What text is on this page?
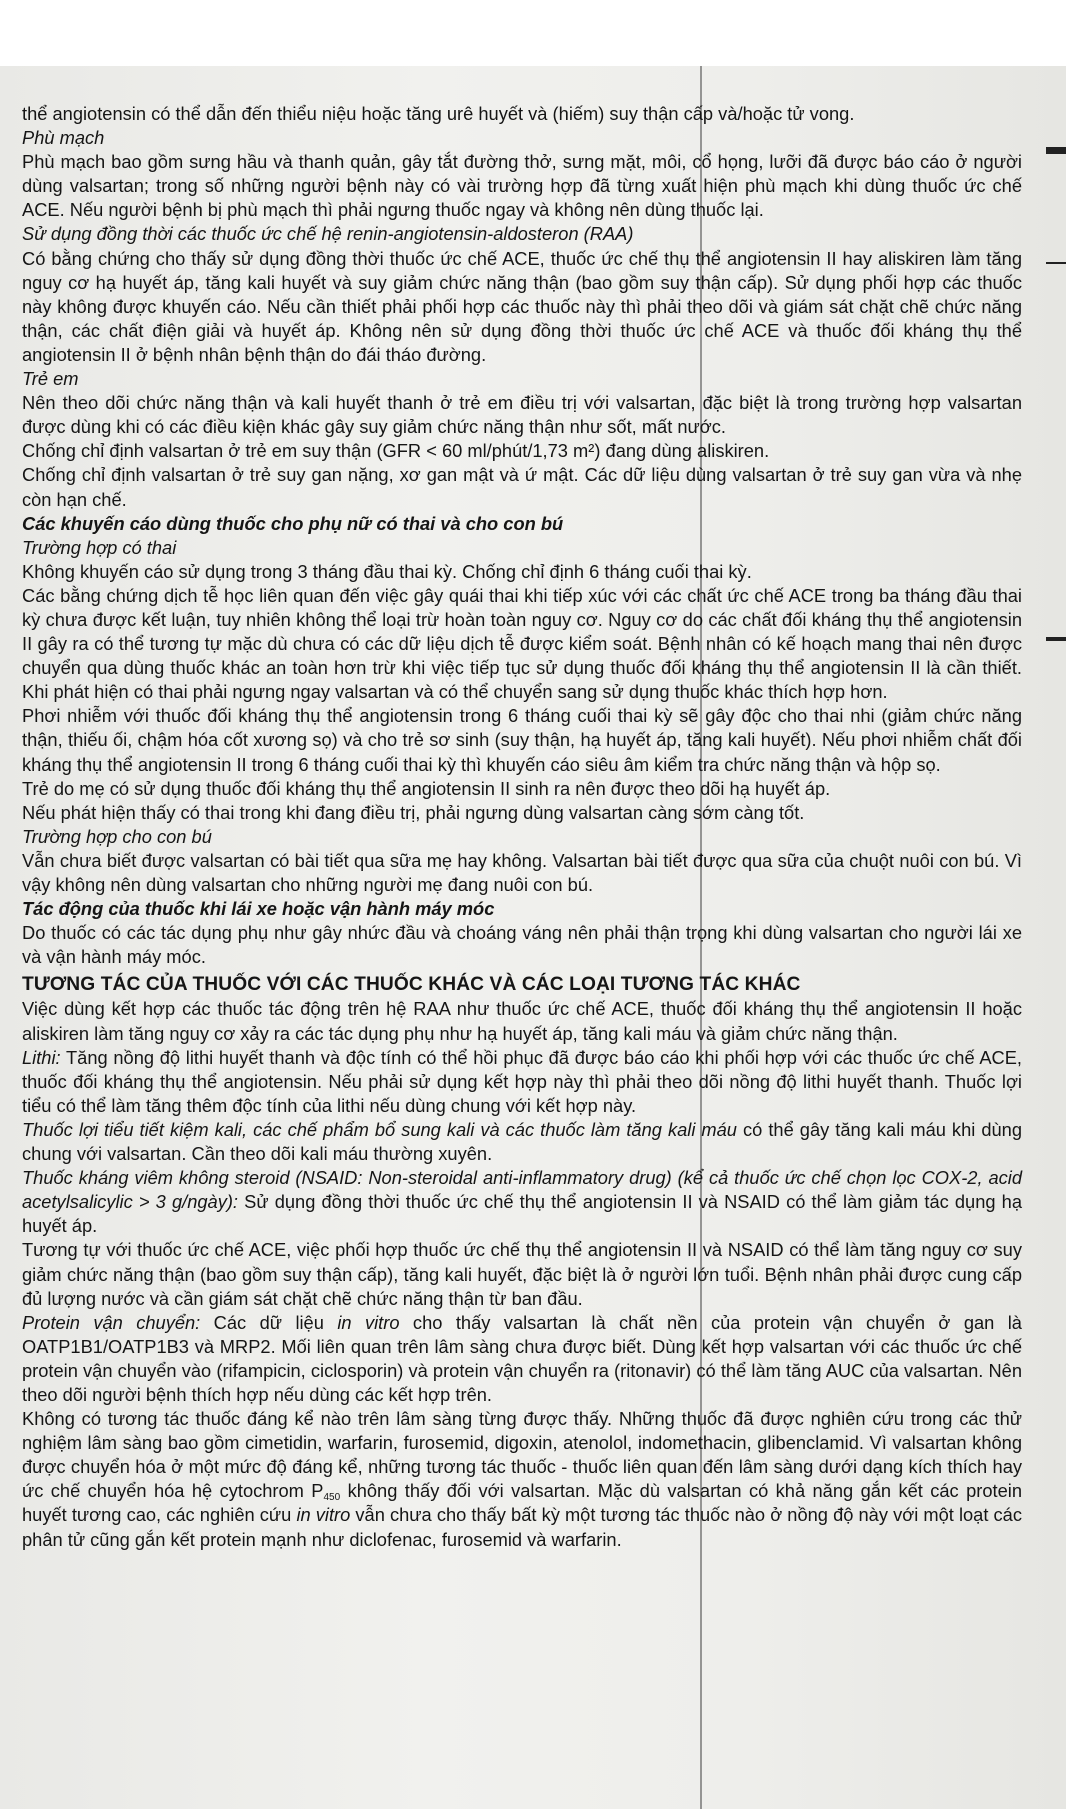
thể angiotensin có thể dẫn đến thiểu niệu hoặc tăng urê huyết và (hiếm) suy thận cấp và/hoặc tử vong.

Phù mạch

Phù mạch bao gồm sưng hầu và thanh quản, gây tắt đường thở, sưng mặt, môi, cổ họng, lưỡi đã được báo cáo ở người dùng valsartan; trong số những người bệnh này có vài trường hợp đã từng xuất hiện phù mạch khi dùng thuốc ức chế ACE. Nếu người bệnh bị phù mạch thì phải ngưng thuốc ngay và không nên dùng thuốc lại.

Sử dụng đồng thời các thuốc ức chế hệ renin-angiotensin-aldosteron (RAA)

Có bằng chứng cho thấy sử dụng đồng thời thuốc ức chế ACE, thuốc ức chế thụ thể angiotensin II hay aliskiren làm tăng nguy cơ hạ huyết áp, tăng kali huyết và suy giảm chức năng thận (bao gồm suy thận cấp). Sử dụng phối hợp các thuốc này không được khuyến cáo. Nếu cần thiết phải phối hợp các thuốc này thì phải theo dõi và giám sát chặt chẽ chức năng thận, các chất điện giải và huyết áp. Không nên sử dụng đồng thời thuốc ức chế ACE và thuốc đối kháng thụ thể angiotensin II ở bệnh nhân bệnh thận do đái tháo đường.

Trẻ em

Nên theo dõi chức năng thận và kali huyết thanh ở trẻ em điều trị với valsartan, đặc biệt là trong trường hợp valsartan được dùng khi có các điều kiện khác gây suy giảm chức năng thận như sốt, mất nước.

Chống chỉ định valsartan ở trẻ em suy thận (GFR < 60 ml/phút/1,73 m²) đang dùng aliskiren.

Chống chỉ định valsartan ở trẻ suy gan nặng, xơ gan mật và ứ mật. Các dữ liệu dùng valsartan ở trẻ suy gan vừa và nhẹ còn hạn chế.

Các khuyến cáo dùng thuốc cho phụ nữ có thai và cho con bú

Trường hợp có thai

Không khuyến cáo sử dụng trong 3 tháng đầu thai kỳ. Chống chỉ định 6 tháng cuối thai kỳ.

Các bằng chứng dịch tễ học liên quan đến việc gây quái thai khi tiếp xúc với các chất ức chế ACE trong ba tháng đầu thai kỳ chưa được kết luận, tuy nhiên không thể loại trừ hoàn toàn nguy cơ. Nguy cơ do các chất đối kháng thụ thể angiotensin II gây ra có thể tương tự mặc dù chưa có các dữ liệu dịch tễ được kiểm soát. Bệnh nhân có kế hoạch mang thai nên được chuyển qua dùng thuốc khác an toàn hơn trừ khi việc tiếp tục sử dụng thuốc đối kháng thụ thể angiotensin II là cần thiết. Khi phát hiện có thai phải ngưng ngay valsartan và có thể chuyển sang sử dụng thuốc khác thích hợp hơn.

Phơi nhiễm với thuốc đối kháng thụ thể angiotensin trong 6 tháng cuối thai kỳ sẽ gây độc cho thai nhi (giảm chức năng thận, thiếu ối, chậm hóa cốt xương sọ) và cho trẻ sơ sinh (suy thận, hạ huyết áp, tăng kali huyết). Nếu phơi nhiễm chất đối kháng thụ thể angiotensin II trong 6 tháng cuối thai kỳ thì khuyến cáo siêu âm kiểm tra chức năng thận và hộp sọ.

Trẻ do mẹ có sử dụng thuốc đối kháng thụ thể angiotensin II sinh ra nên được theo dõi hạ huyết áp.

Nếu phát hiện thấy có thai trong khi đang điều trị, phải ngưng dùng valsartan càng sớm càng tốt.

Trường hợp cho con bú

Vẫn chưa biết được valsartan có bài tiết qua sữa mẹ hay không. Valsartan bài tiết được qua sữa của chuột nuôi con bú. Vì vậy không nên dùng valsartan cho những người mẹ đang nuôi con bú.

Tác động của thuốc khi lái xe hoặc vận hành máy móc

Do thuốc có các tác dụng phụ như gây nhức đầu và choáng váng nên phải thận trọng khi dùng valsartan cho người lái xe và vận hành máy móc.

TƯƠNG TÁC CỦA THUỐC VỚI CÁC THUỐC KHÁC VÀ CÁC LOẠI TƯƠNG TÁC KHÁC

Việc dùng kết hợp các thuốc tác động trên hệ RAA như thuốc ức chế ACE, thuốc đối kháng thụ thể angiotensin II hoặc aliskiren làm tăng nguy cơ xảy ra các tác dụng phụ như hạ huyết áp, tăng kali máu và giảm chức năng thận.

Lithi: Tăng nồng độ lithi huyết thanh và độc tính có thể hồi phục đã được báo cáo khi phối hợp với các thuốc ức chế ACE, thuốc đối kháng thụ thể angiotensin. Nếu phải sử dụng kết hợp này thì phải theo dõi nồng độ lithi huyết thanh. Thuốc lợi tiểu có thể làm tăng thêm độc tính của lithi nếu dùng chung với kết hợp này.

Thuốc lợi tiểu tiết kiệm kali, các chế phẩm bổ sung kali và các thuốc làm tăng kali máu có thể gây tăng kali máu khi dùng chung với valsartan. Cần theo dõi kali máu thường xuyên.

Thuốc kháng viêm không steroid (NSAID: Non-steroidal anti-inflammatory drug) (kể cả thuốc ức chế chọn lọc COX-2, acid acetylsalicylic > 3 g/ngày): Sử dụng đồng thời thuốc ức chế thụ thể angiotensin II và NSAID có thể làm giảm tác dụng hạ huyết áp.

Tương tự với thuốc ức chế ACE, việc phối hợp thuốc ức chế thụ thể angiotensin II và NSAID có thể làm tăng nguy cơ suy giảm chức năng thận (bao gồm suy thận cấp), tăng kali huyết, đặc biệt là ở người lớn tuổi. Bệnh nhân phải được cung cấp đủ lượng nước và cần giám sát chặt chẽ chức năng thận từ ban đầu.

Protein vận chuyển: Các dữ liệu in vitro cho thấy valsartan là chất nền của protein vận chuyển ở gan là OATP1B1/OATP1B3 và MRP2. Mối liên quan trên lâm sàng chưa được biết. Dùng kết hợp valsartan với các thuốc ức chế protein vận chuyển vào (rifampicin, ciclosporin) và protein vận chuyển ra (ritonavir) có thể làm tăng AUC của valsartan. Nên theo dõi người bệnh thích hợp nếu dùng các kết hợp trên.

Không có tương tác thuốc đáng kể nào trên lâm sàng từng được thấy. Những thuốc đã được nghiên cứu trong các thử nghiệm lâm sàng bao gồm cimetidin, warfarin, furosemid, digoxin, atenolol, indomethacin, glibenclamid. Vì valsartan không được chuyển hóa ở một mức độ đáng kể, những tương tác thuốc - thuốc liên quan đến lâm sàng dưới dạng kích thích hay ức chế chuyển hóa hệ cytochrom $P_{450}$ không thấy đối với valsartan. Mặc dù valsartan có khả năng gắn kết các protein huyết tương cao, các nghiên cứu in vitro vẫn chưa cho thấy bất kỳ một tương tác thuốc nào ở nồng độ này với một loạt các phân tử cũng gắn kết protein mạnh như diclofenac, furosemid và warfarin.
